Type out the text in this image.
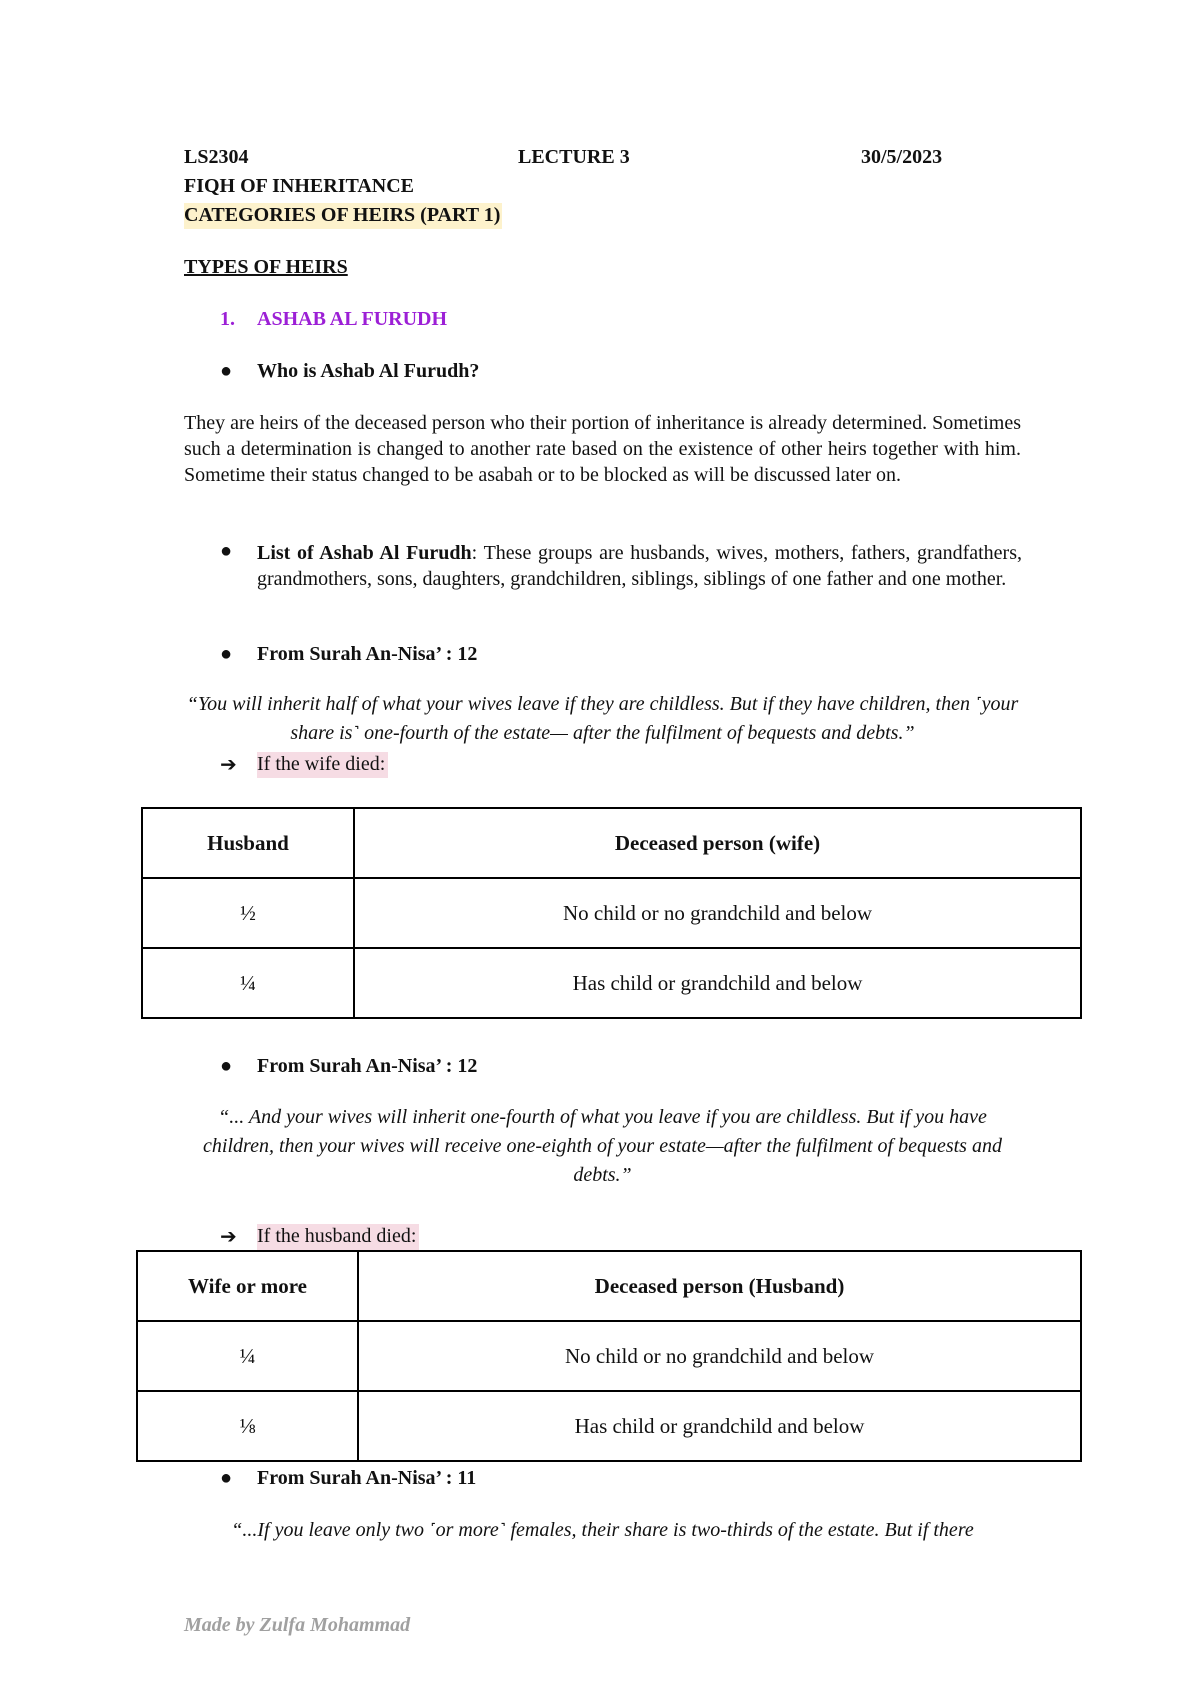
LS2304	LECTURE 3	30/5/2023
FIQH OF INHERITANCE
CATEGORIES OF HEIRS (PART 1)
TYPES OF HEIRS
1. ASHAB AL FURUDH
● Who is Ashab Al Furudh?
They are heirs of the deceased person who their portion of inheritance is already determined. Sometimes such a determination is changed to another rate based on the existence of other heirs together with him. Sometime their status changed to be asabah or to be blocked as will be discussed later on.
● List of Ashab Al Furudh: These groups are husbands, wives, mothers, fathers, grandfathers, grandmothers, sons, daughters, grandchildren, siblings, siblings of one father and one mother.
● From Surah An-Nisa’ : 12
“You will inherit half of what your wives leave if they are childless. But if they have children, then ˹your share is˺ one-fourth of the estate— after the fulfilment of bequests and debts.”
➔ If the wife died:
Husband	Deceased person (wife)
½	No child or no grandchild and below
¼	Has child or grandchild and below
● From Surah An-Nisa’ : 12
“... And your wives will inherit one-fourth of what you leave if you are childless. But if you have children, then your wives will receive one-eighth of your estate—after the fulfilment of bequests and debts.”
➔ If the husband died:
Wife or more	Deceased person (Husband)
¼	No child or no grandchild and below
⅛	Has child or grandchild and below
● From Surah An-Nisa’ : 11
“...If you leave only two ˹or more˺ females, their share is two-thirds of the estate. But if there
Made by Zulfa Mohammad
